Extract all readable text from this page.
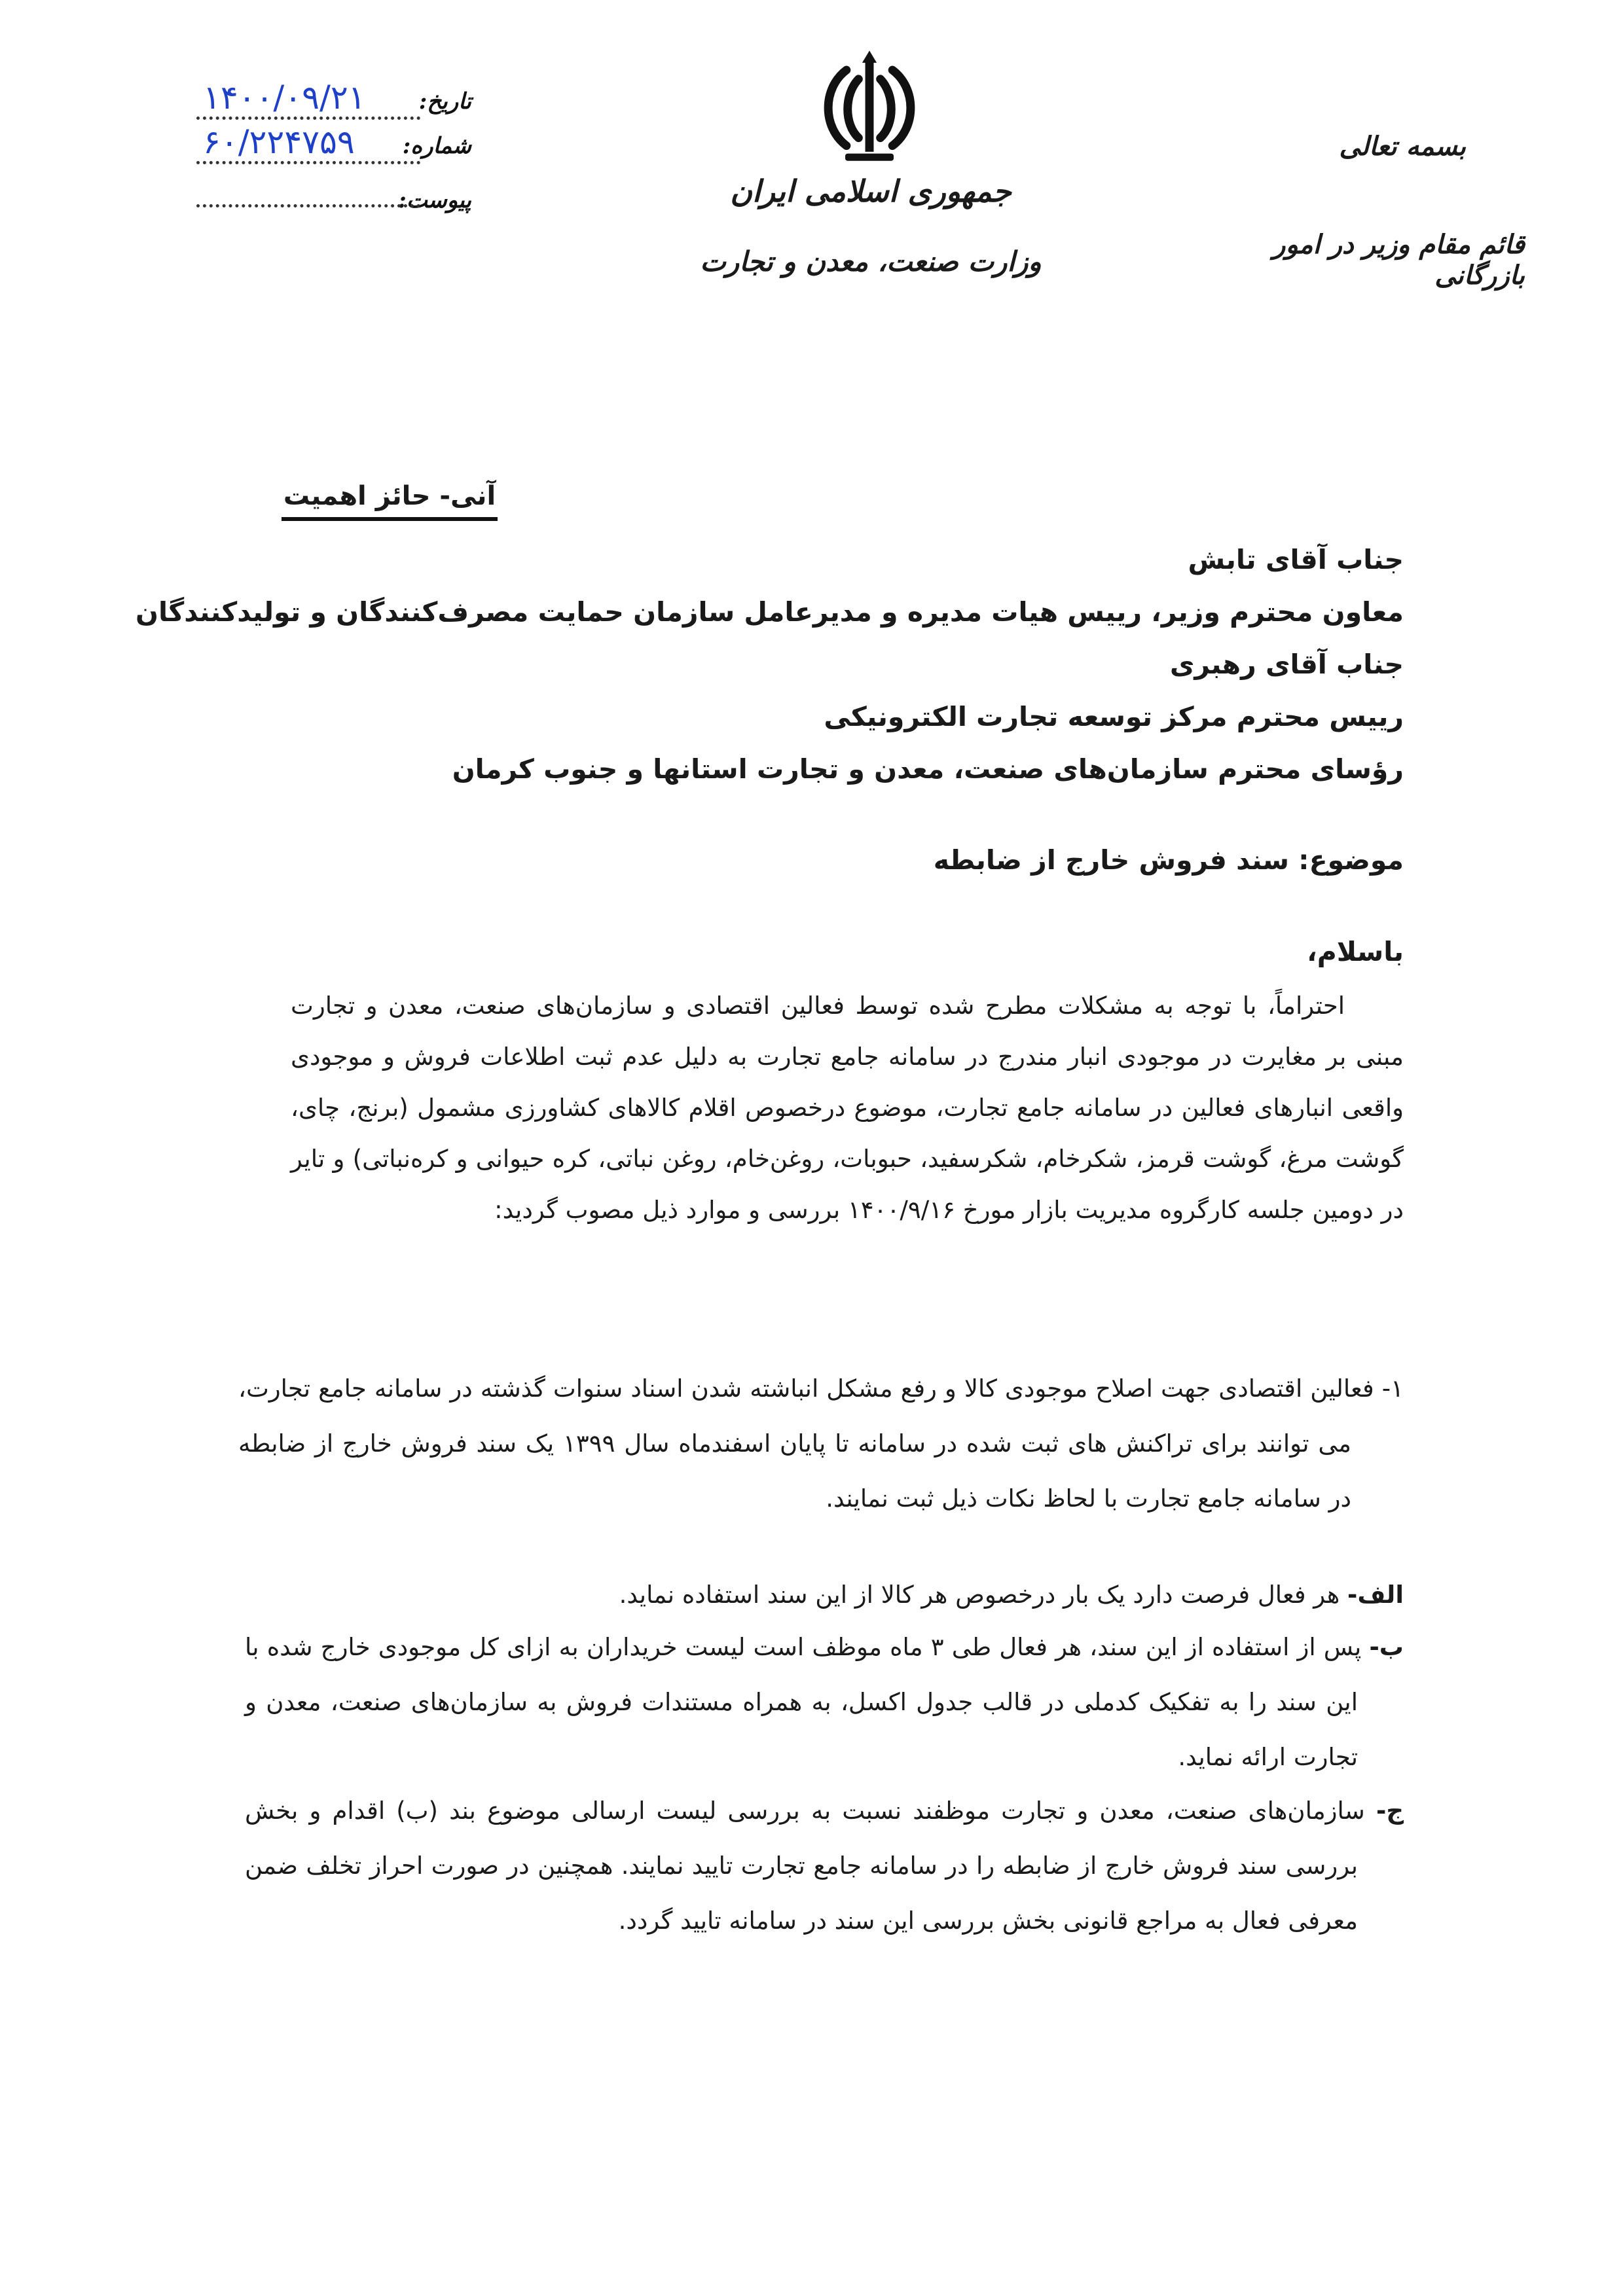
تاریخ:
۱۴۰۰/۰۹/۲۱
شماره:
۶۰/۲۲۴۷۵۹
پیوست:	جمهوری اسلامی ایران
وزارت صنعت، معدن و تجارت
بسمه تعالی
قائم مقام وزیر در امور بازرگانی
آنی- حائز اهمیت
جناب آقای تابش
معاون محترم وزیر، رییس هیات مدیره و مدیرعامل سازمان حمایت مصرف‌کنندگان و تولیدکنندگان
جناب آقای رهبری
رییس محترم مرکز توسعه تجارت الکترونیکی
رؤسای محترم سازمان‌های صنعت، معدن و تجارت استانها و جنوب کرمان
موضوع: سند فروش خارج از ضابطه
باسلام،
احتراماً، با توجه به مشکلات مطرح شده توسط فعالین اقتصادی و سازمان‌های صنعت، معدن و تجارت مبنی بر مغایرت در موجودی انبار مندرج در سامانه جامع تجارت به دلیل عدم ثبت اطلاعات فروش و موجودی واقعی انبارهای فعالین در سامانه جامع تجارت، موضوع درخصوص اقلام کالاهای کشاورزی مشمول (برنج، چای، گوشت مرغ، گوشت قرمز، شکرخام، شکرسفید، حبوبات، روغن‌خام، روغن نباتی، کره حیوانی و کره‌نباتی) و تایر در دومین جلسه کارگروه مدیریت بازار مورخ ۱۴۰۰/۹/۱۶ بررسی و موارد ذیل مصوب گردید:
۱- فعالین اقتصادی جهت اصلاح موجودی کالا و رفع مشکل انباشته شدن اسناد سنوات گذشته در سامانه جامع تجارت، می توانند برای تراکنش های ثبت شده در سامانه تا پایان اسفندماه سال ۱۳۹۹ یک سند فروش خارج از ضابطه در سامانه جامع تجارت با لحاظ نکات ذیل ثبت نمایند.
الف- هر فعال فرصت دارد یک بار درخصوص هر کالا از این سند استفاده نماید.
ب- پس از استفاده از این سند، هر فعال طی ۳ ماه موظف است لیست خریداران به ازای کل موجودی خارج شده با این سند را به تفکیک کدملی در قالب جدول اکسل، به همراه مستندات فروش به سازمان‌های صنعت، معدن و تجارت ارائه نماید.
ج- سازمان‌های صنعت، معدن و تجارت موظفند نسبت به بررسی لیست ارسالی موضوع بند (ب) اقدام و بخش بررسی سند فروش خارج از ضابطه را در سامانه جامع تجارت تایید نمایند. همچنین در صورت احراز تخلف ضمن معرفی فعال به مراجع قانونی بخش بررسی این سند در سامانه تایید گردد.
